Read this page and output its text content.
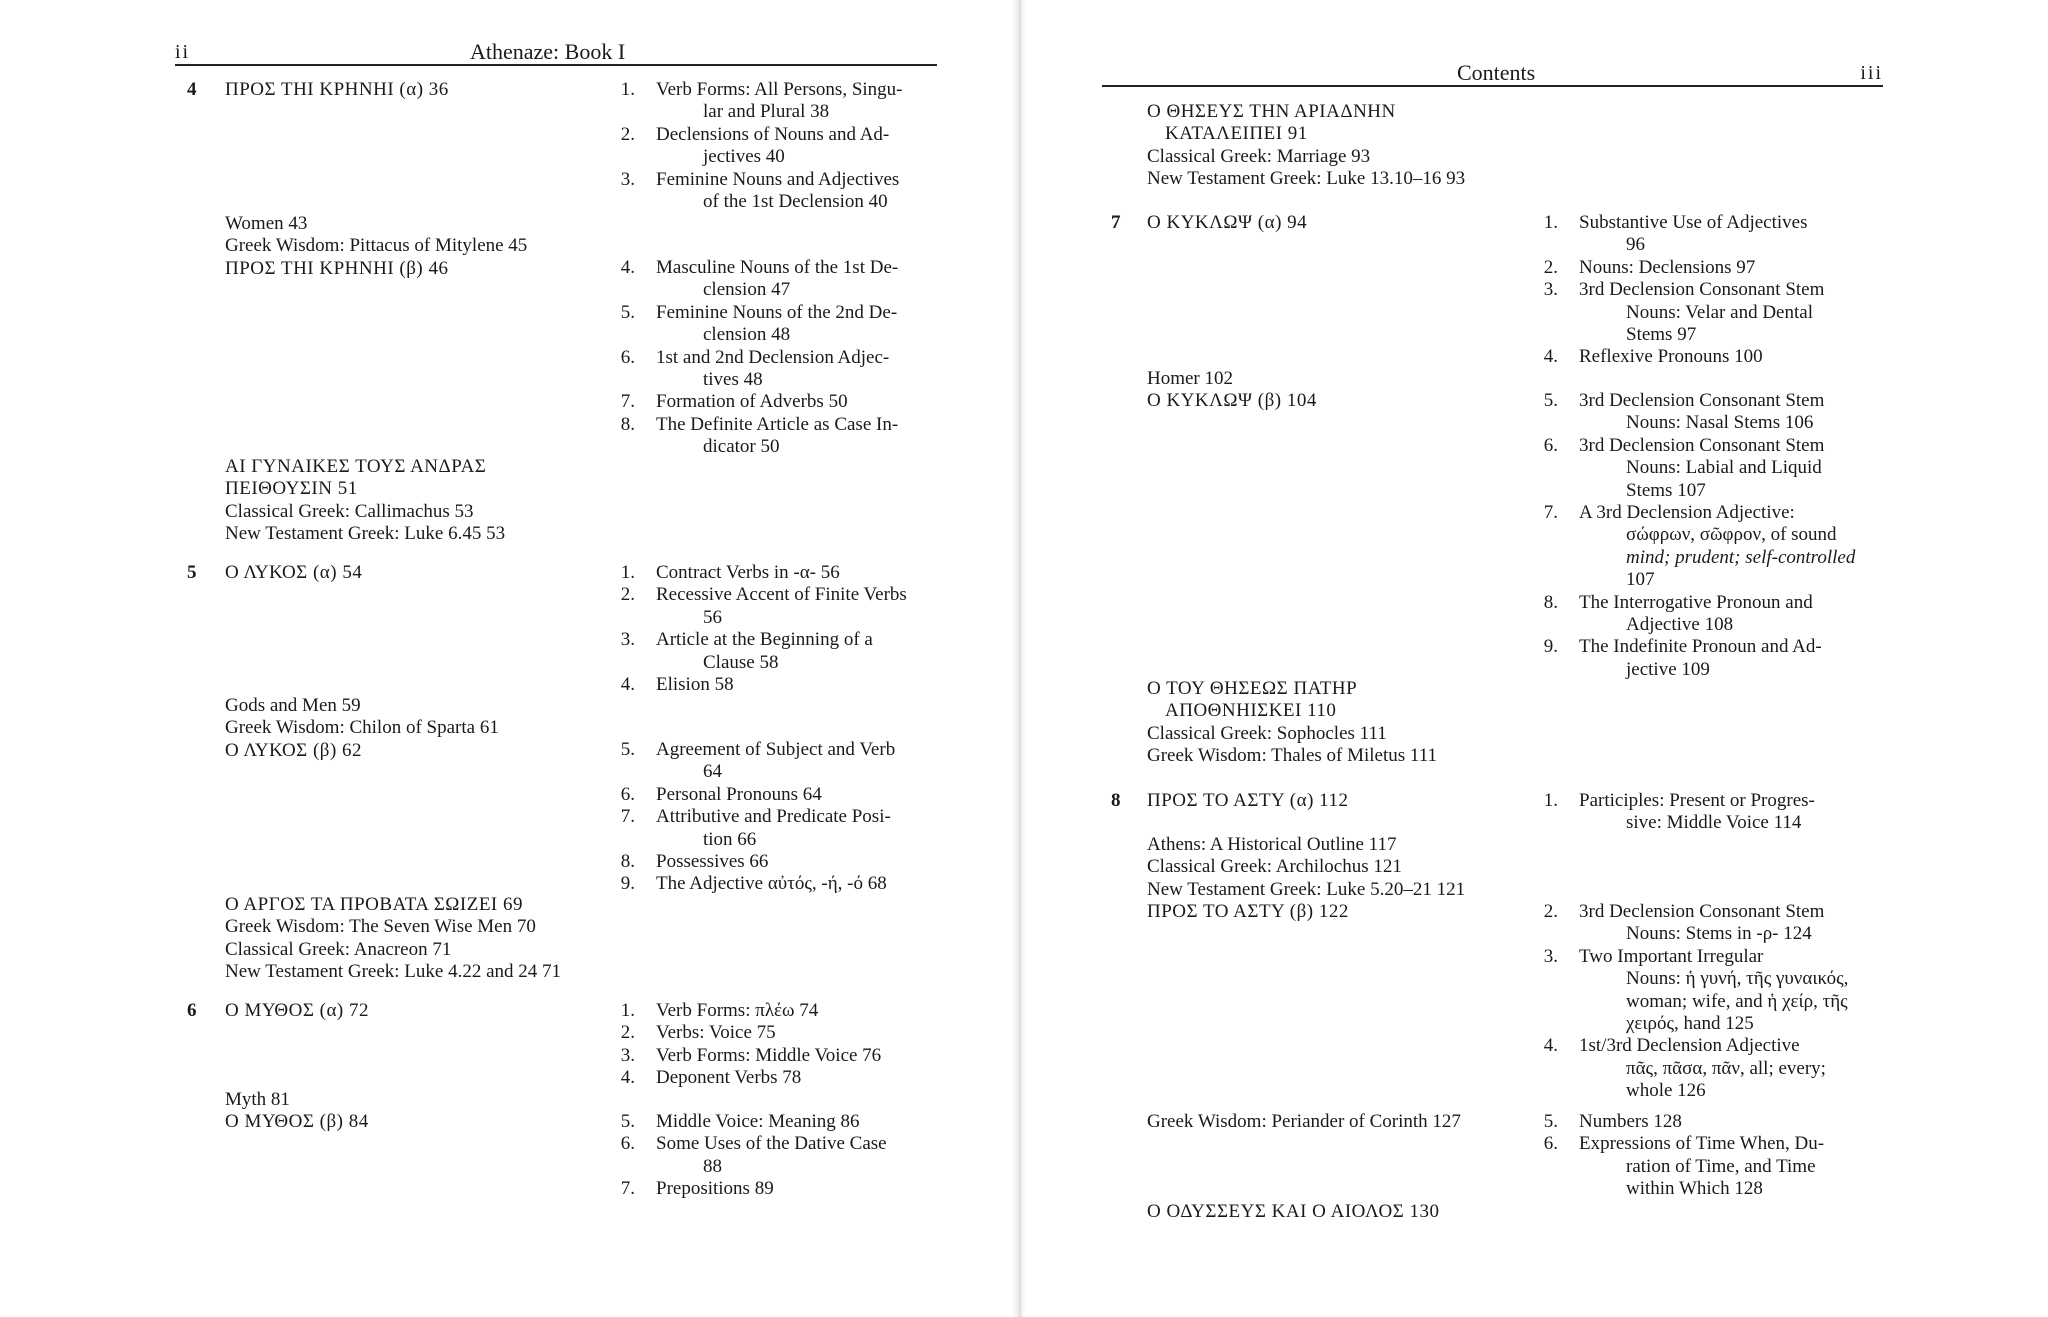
ii	Athenaze: Book I
4 ΠΡΟΣ ΤΗΙ ΚΡΗΝΗΙ (α) 36
Women 43
Greek Wisdom: Pittacus of Mitylene 45
ΠΡΟΣ ΤΗΙ ΚΡΗΝΗΙ (β) 46
ΑΙ ΓΥΝΑΙΚΕΣ ΤΟΥΣ ΑΝΔΡΑΣ
ΠΕΙΘΟΥΣΙΝ 51
Classical Greek: Callimachus 53
New Testament Greek: Luke 6.45 53
1. Verb Forms: All Persons, Singu-
lar and Plural 38
2. Declensions of Nouns and Ad-
jectives 40
3. Feminine Nouns and Adjectives
of the 1st Declension 40
4. Masculine Nouns of the 1st De-
clension 47
5. Feminine Nouns of the 2nd De-
clension 48
6. 1st and 2nd Declension Adjec-
tives 48
7. Formation of Adverbs 50
8. The Definite Article as Case In-
dicator 50
5 Ο ΛΥΚΟΣ (α) 54
Gods and Men 59
Greek Wisdom: Chilon of Sparta 61
Ο ΛΥΚΟΣ (β) 62
Ο ΑΡΓΟΣ ΤΑ ΠΡΟΒΑΤΑ ΣΩΙΖΕΙ 69
Greek Wisdom: The Seven Wise Men 70
Classical Greek: Anacreon 71
New Testament Greek: Luke 4.22 and 24 71
1. Contract Verbs in -α- 56
2. Recessive Accent of Finite Verbs
56
3. Article at the Beginning of a
Clause 58
4. Elision 58
5. Agreement of Subject and Verb
64
6. Personal Pronouns 64
7. Attributive and Predicate Posi-
tion 66
8. Possessives 66
9. The Adjective αὐτός, -ή, -ό 68
6 Ο ΜΥΘΟΣ (α) 72
Myth 81
Ο ΜΥΘΟΣ (β) 84
1. Verb Forms: πλέω 74
2. Verbs: Voice 75
3. Verb Forms: Middle Voice 76
4. Deponent Verbs 78
5. Middle Voice: Meaning 86
6. Some Uses of the Dative Case
88
7. Prepositions 89
Contents	iii
Ο ΘΗΣΕΥΣ ΤΗΝ ΑΡΙΑΔΝΗΝ
ΚΑΤΑΛΕΙΠΕΙ 91
Classical Greek: Marriage 93
New Testament Greek: Luke 13.10–16 93
7 Ο ΚΥΚΛΩΨ (α) 94
Homer 102
Ο ΚΥΚΛΩΨ (β) 104
Ο ΤΟΥ ΘΗΣΕΩΣ ΠΑΤΗΡ
ΑΠΟΘΝΗΙΣΚΕΙ 110
Classical Greek: Sophocles 111
Greek Wisdom: Thales of Miletus 111
1. Substantive Use of Adjectives
96
2. Nouns: Declensions 97
3. 3rd Declension Consonant Stem
Nouns: Velar and Dental
Stems 97
4. Reflexive Pronouns 100
5. 3rd Declension Consonant Stem
Nouns: Nasal Stems 106
6. 3rd Declension Consonant Stem
Nouns: Labial and Liquid
Stems 107
7. A 3rd Declension Adjective:
σώφρων, σῶφρον, of sound
mind; prudent; self-controlled
107
8. The Interrogative Pronoun and
Adjective 108
9. The Indefinite Pronoun and Ad-
jective 109
8 ΠΡΟΣ ΤΟ ΑΣΤΥ (α) 112
Athens: A Historical Outline 117
Classical Greek: Archilochus 121
New Testament Greek: Luke 5.20–21 121
ΠΡΟΣ ΤΟ ΑΣΤΥ (β) 122
Greek Wisdom: Periander of Corinth 127
Ο ΟΔΥΣΣΕΥΣ ΚΑΙ Ο ΑΙΟΛΟΣ 130
1. Participles: Present or Progres-
sive: Middle Voice 114
2. 3rd Declension Consonant Stem
Nouns: Stems in -ρ- 124
3. Two Important Irregular
Nouns: ἡ γυνή, τῆς γυναικός,
woman; wife, and ἡ χείρ, τῆς
χειρός, hand 125
4. 1st/3rd Declension Adjective
πᾶς, πᾶσα, πᾶν, all; every;
whole 126
5. Numbers 128
6. Expressions of Time When, Du-
ration of Time, and Time
within Which 128
